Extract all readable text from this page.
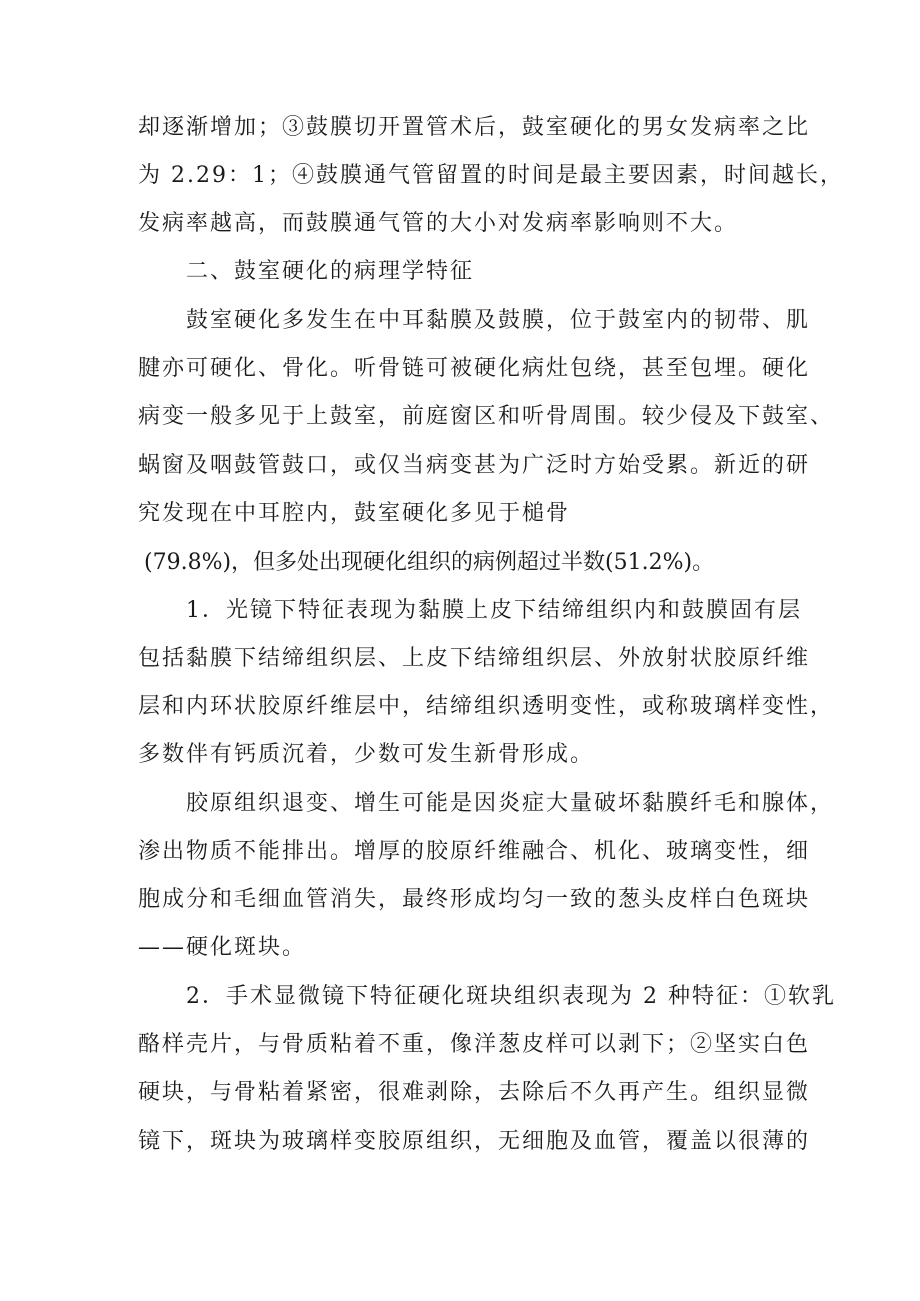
却逐渐增加；③鼓膜切开置管术后，鼓室硬化的男女发病率之比
为 2.29：1；④鼓膜通气管留置的时间是最主要因素，时间越长，
发病率越高，而鼓膜通气管的大小对发病率影响则不大。
二、鼓室硬化的病理学特征
鼓室硬化多发生在中耳黏膜及鼓膜，位于鼓室内的韧带、肌
腱亦可硬化、骨化。听骨链可被硬化病灶包绕，甚至包埋。硬化
病变一般多见于上鼓室，前庭窗区和听骨周围。较少侵及下鼓室、
蜗窗及咽鼓管鼓口，或仅当病变甚为广泛时方始受累。新近的研
究发现在中耳腔内，鼓室硬化多见于槌骨
(79.8%)，但多处出现硬化组织的病例超过半数(51.2%)。
1．光镜下特征表现为黏膜上皮下结缔组织内和鼓膜固有层
包括黏膜下结缔组织层、上皮下结缔组织层、外放射状胶原纤维
层和内环状胶原纤维层中，结缔组织透明变性，或称玻璃样变性，
多数伴有钙质沉着，少数可发生新骨形成。
胶原组织退变、增生可能是因炎症大量破坏黏膜纤毛和腺体，
渗出物质不能排出。增厚的胶原纤维融合、机化、玻璃变性，细
胞成分和毛细血管消失，最终形成均匀一致的葱头皮样白色斑块
——硬化斑块。
2．手术显微镜下特征硬化斑块组织表现为 2 种特征：①软乳
酪样壳片，与骨质粘着不重，像洋葱皮样可以剥下；②坚实白色
硬块，与骨粘着紧密，很难剥除，去除后不久再产生。组织显微
镜下，斑块为玻璃样变胶原组织，无细胞及血管，覆盖以很薄的
